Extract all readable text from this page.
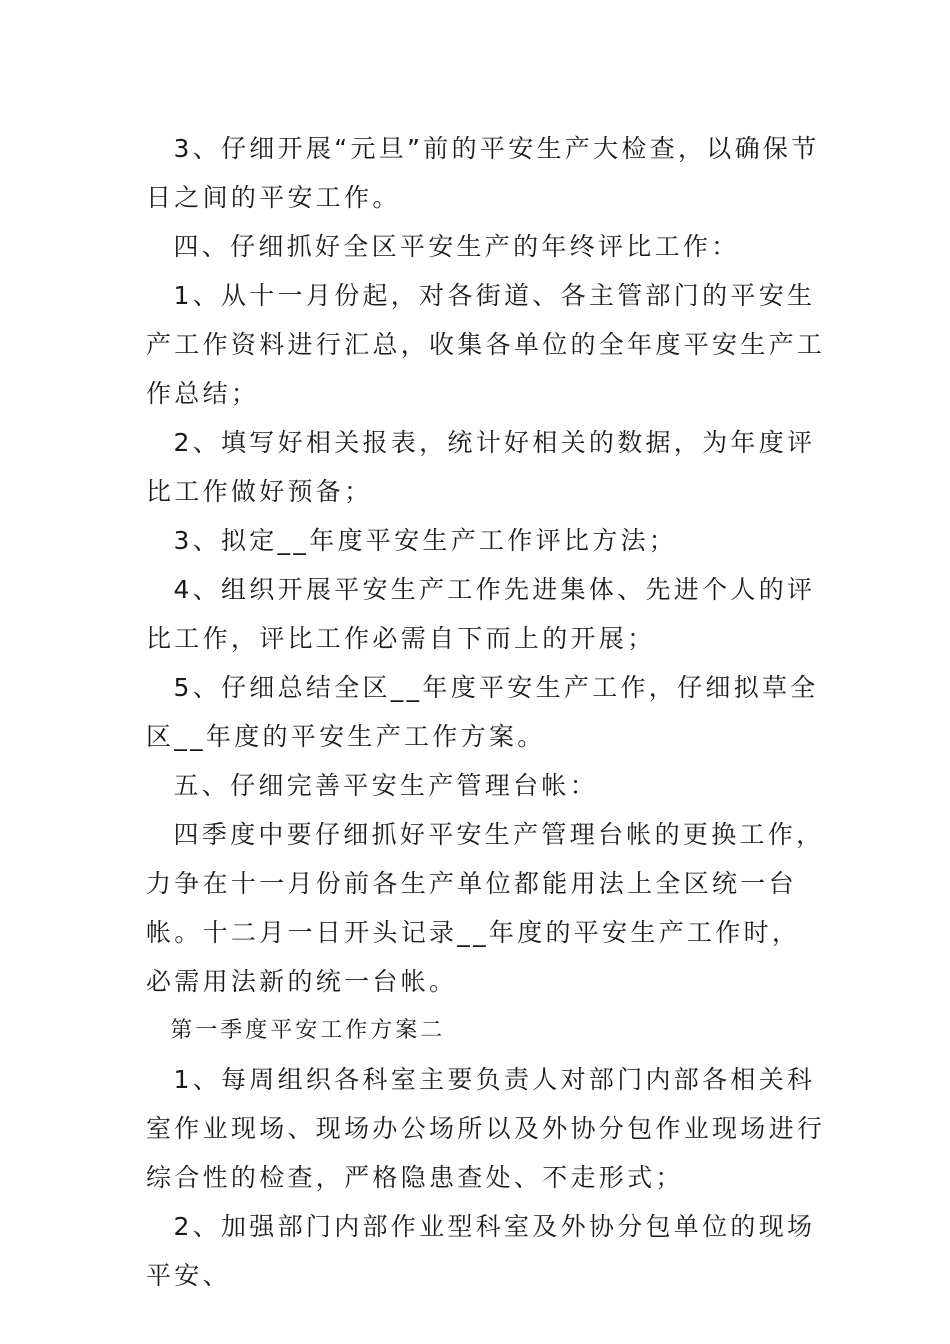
3、仔细开展“元旦”前的平安生产大检查，以确保节日之间的平安工作。

四、仔细抓好全区平安生产的年终评比工作：

1、从十一月份起，对各街道、各主管部门的平安生产工作资料进行汇总，收集各单位的全年度平安生产工作总结；

2、填写好相关报表，统计好相关的数据，为年度评比工作做好预备；

3、拟定__年度平安生产工作评比方法；

4、组织开展平安生产工作先进集体、先进个人的评比工作，评比工作必需自下而上的开展；

5、仔细总结全区__年度平安生产工作，仔细拟草全区__年度的平安生产工作方案。

五、仔细完善平安生产管理台帐：

四季度中要仔细抓好平安生产管理台帐的更换工作，力争在十一月份前各生产单位都能用法上全区统一台帐。十二月一日开头记录__年度的平安生产工作时，必需用法新的统一台帐。

第一季度平安工作方案二

1、每周组织各科室主要负责人对部门内部各相关科室作业现场、现场办公场所以及外协分包作业现场进行综合性的检查，严格隐患查处、不走形式；

2、加强部门内部作业型科室及外协分包单位的现场平安、
